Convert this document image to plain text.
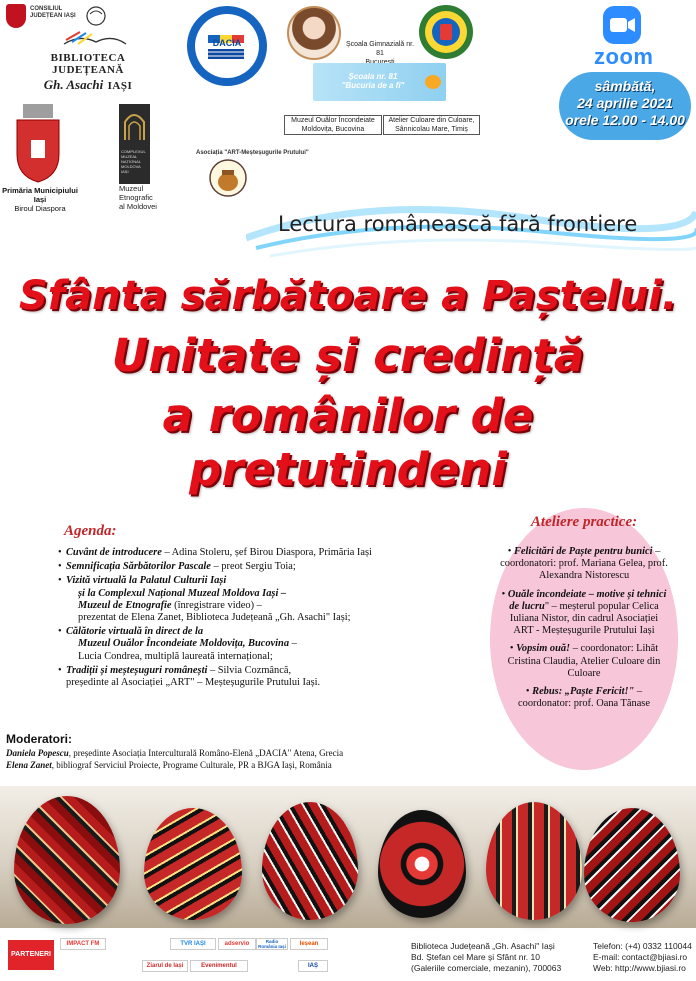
CONSILIUL
JUDEȚEAN IAȘI
BIBLIOTECA JUDEȚEANĂ
Gh. Asachi IAȘI
DACIA
GRECIA
Școala Gimnazială nr. 81
Școala nr. 81
"Bucuria de a fi"
Muzeul Ouălor Încondeiate
Moldovița, Bucovina
Atelier Culoare din Culoare,
Sânnicolau Mare, Timiș
Primăria Municipiului Iași
Biroul Diaspora
COMPLEXUL
MUZEAL
NAȚIONAL
MOLDOVA
IAȘI
Muzeul
Etnografic
al Moldovei
Asociația "ART-Meșteșugurile Prutului"
zoom
sâmbătă,
24 aprilie 2021
orele 12.00 - 14.00
Lectura românească fără frontiere
Sfânta sărbătoare a Paștelui.
Unitate și credință
a românilor de pretutindeni
Agenda:
• Cuvânt de introducere – Adina Stoleru, șef Birou Diaspora, Primăria Iași
• Semnificația Sărbătorilor Pascale – preot Sergiu Toia;
• Vizită virtuală la Palatul Culturii Iași
și la Complexul Național Muzeal Moldova Iași –
Muzeul de Etnografie (înregistrare video) –
prezentat de Elena Zanet, Biblioteca Județeană „Gh. Asachi" Iași;
• Călătorie virtuală în direct de la
Muzeul Ouălor Încondeiate Moldovița, Bucovina –
Lucia Condrea, multiplă laureată internațional;
• Tradiții și meșteșuguri românești – Silvia Cozmâncă,
președinte al Asociației „ART" – Meșteșugurile Prutului Iași.
Ateliere practice:
• Felicitări de Paște pentru bunici – coordonatori: prof. Mariana Gelea, prof. Alexandra Nistorescu
• Ouăle încondeiate – motive și tehnici de lucru" – meșterul popular Celica Iuliana Nistor, din cadrul Asociației ART - Meșteșugurile Prutului Iași
• Vopsim ouă! – coordonator: Lihăt Cristina Claudia, Atelier Culoare din Culoare
• Rebus: „Paște Fericit!" – coordonator: prof. Oana Tănase
Moderatori:
Daniela Popescu, președinte Asociația Interculturală Româno-Elenă „DACIA" Atena, Grecia
Elena Zanet, bibliograf Serviciul Proiecte, Programe Culturale, PR a BJGA Iași, România
PARTENERI
IMPACT FM	TVR IAȘI	adservio	Radio România Iași	Ieșean
Ziarul de Iași	Evenimentul	IAȘ
Biblioteca Județeană „Gh. Asachi" Iași
Bd. Ștefan cel Mare și Sfânt nr. 10
(Galeriile comerciale, mezanin), 700063
Telefon: (+4) 0332 110044
E-mail: contact@bjiasi.ro
Web: http://www.bjiasi.ro
